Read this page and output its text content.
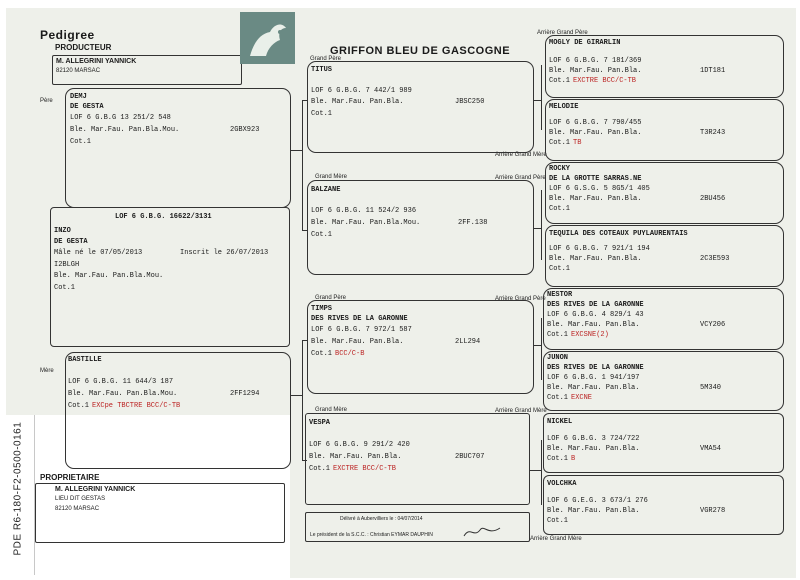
PDE R6-180-F2-0500-0161
Pedigree
PRODUCTEUR
M. ALLEGRINI YANNICK
82120 MARSAC
GRIFFON BLEU DE GASCOGNE
Père
Mère
Grand Père
Grand Mère
Grand Père
Grand Mère
Arrière Grand Père
Arrière Grand Mère
Arrière Grand Père
Arrière Grand Père
Arrière Grand Mère
Arrière Grand Mère
DEMJ
DE GESTA
LOF 6 G.B.G 13 251/2 548
Ble. Mar.Fau. Pan.Bla.Mou.	2GBX923
Cot.1
LOF 6 G.B.G. 16622/3131
INZO
DE GESTA
Mâle né le 07/05/2013	Inscrit le 26/07/2013
I2BLGH
Ble. Mar.Fau. Pan.Bla.Mou.
Cot.1
BASTILLE
LOF 6 G.B.G. 11 644/3 187
Ble. Mar.Fau. Pan.Bla.Mou.	2FF1294
Cot.1 EXCpe TBCTRE BCC/C-TB
TITUS
LOF 6 G.B.G. 7 442/1 989
Ble. Mar.Fau. Pan.Bla.	JBSC250
Cot.1
BALZANE
LOF 6 G.B.G. 11 524/2 936
Ble. Mar.Fau. Pan.Bla.Mou.	2FF.138
Cot.1
TIMPS
DES RIVES DE LA GARONNE
LOF 6 G.B.G. 7 972/1 587
Ble. Mar.Fau. Pan.Bla.	2LL294
Cot.1 BCC/C-B
VESPA
LOF 6 G.B.G. 9 291/2 420
Ble. Mar.Fau. Pan.Bla.	2BUC707
Cot.1 EXCTRE BCC/C-TB
MOGLY DE GIRARLIN
LOF 6 G.B.G. 7 181/369
Ble. Mar.Fau. Pan.Bla.	1DT181
Cot.1 EXCTRE BCC/C-TB
MELODIE
LOF 6 G.B.G. 7 790/455
Ble. Mar.Fau. Pan.Bla.	T3R243
Cot.1 TB
ROCKY
DE LA GROTTE SARRAS.NE
LOF 6 G.S.G. 5 8G5/1 405
Ble. Mar.Fau. Pan.Bla.	2BU456
Cot.1
TEQUILA DES COTEAUX PUYLAURENTAIS
LOF 6 G.B.G. 7 921/1 194
Ble. Mar.Fau. Pan.Bla.	2C3E593
Cot.1
NESTOR
DES RIVES DE LA GARONNE
LOF 6 G.B.G. 4 829/1 43
Ble. Mar.Fau. Pan.Bla.	VCY206
Cot.1 EXCSNE(2)
JUNON
DES RIVES DE LA GARONNE
LOF 6 G.B.G. 1 941/197
Ble. Mar.Fau. Pan.Bla.	5M340
Cot.1 EXCNE
NICKEL
LOF 6 G.B.G. 3 724/722
Ble. Mar.Fau. Pan.Bla.	VMA54
Cot.1 B
VOLCHKA
LOF 6 G.E.G. 3 673/1 276
Ble. Mar.Fau. Pan.Bla.	VGR278
Cot.1
PROPRIETAIRE
M. ALLEGRINI YANNICK
LIEU DIT GESTAS
82120 MARSAC
Délivré à Aubervilliers le : 04/07/2014
Le président de la S.C.C. : Christian EYMAR DAUPHIN
